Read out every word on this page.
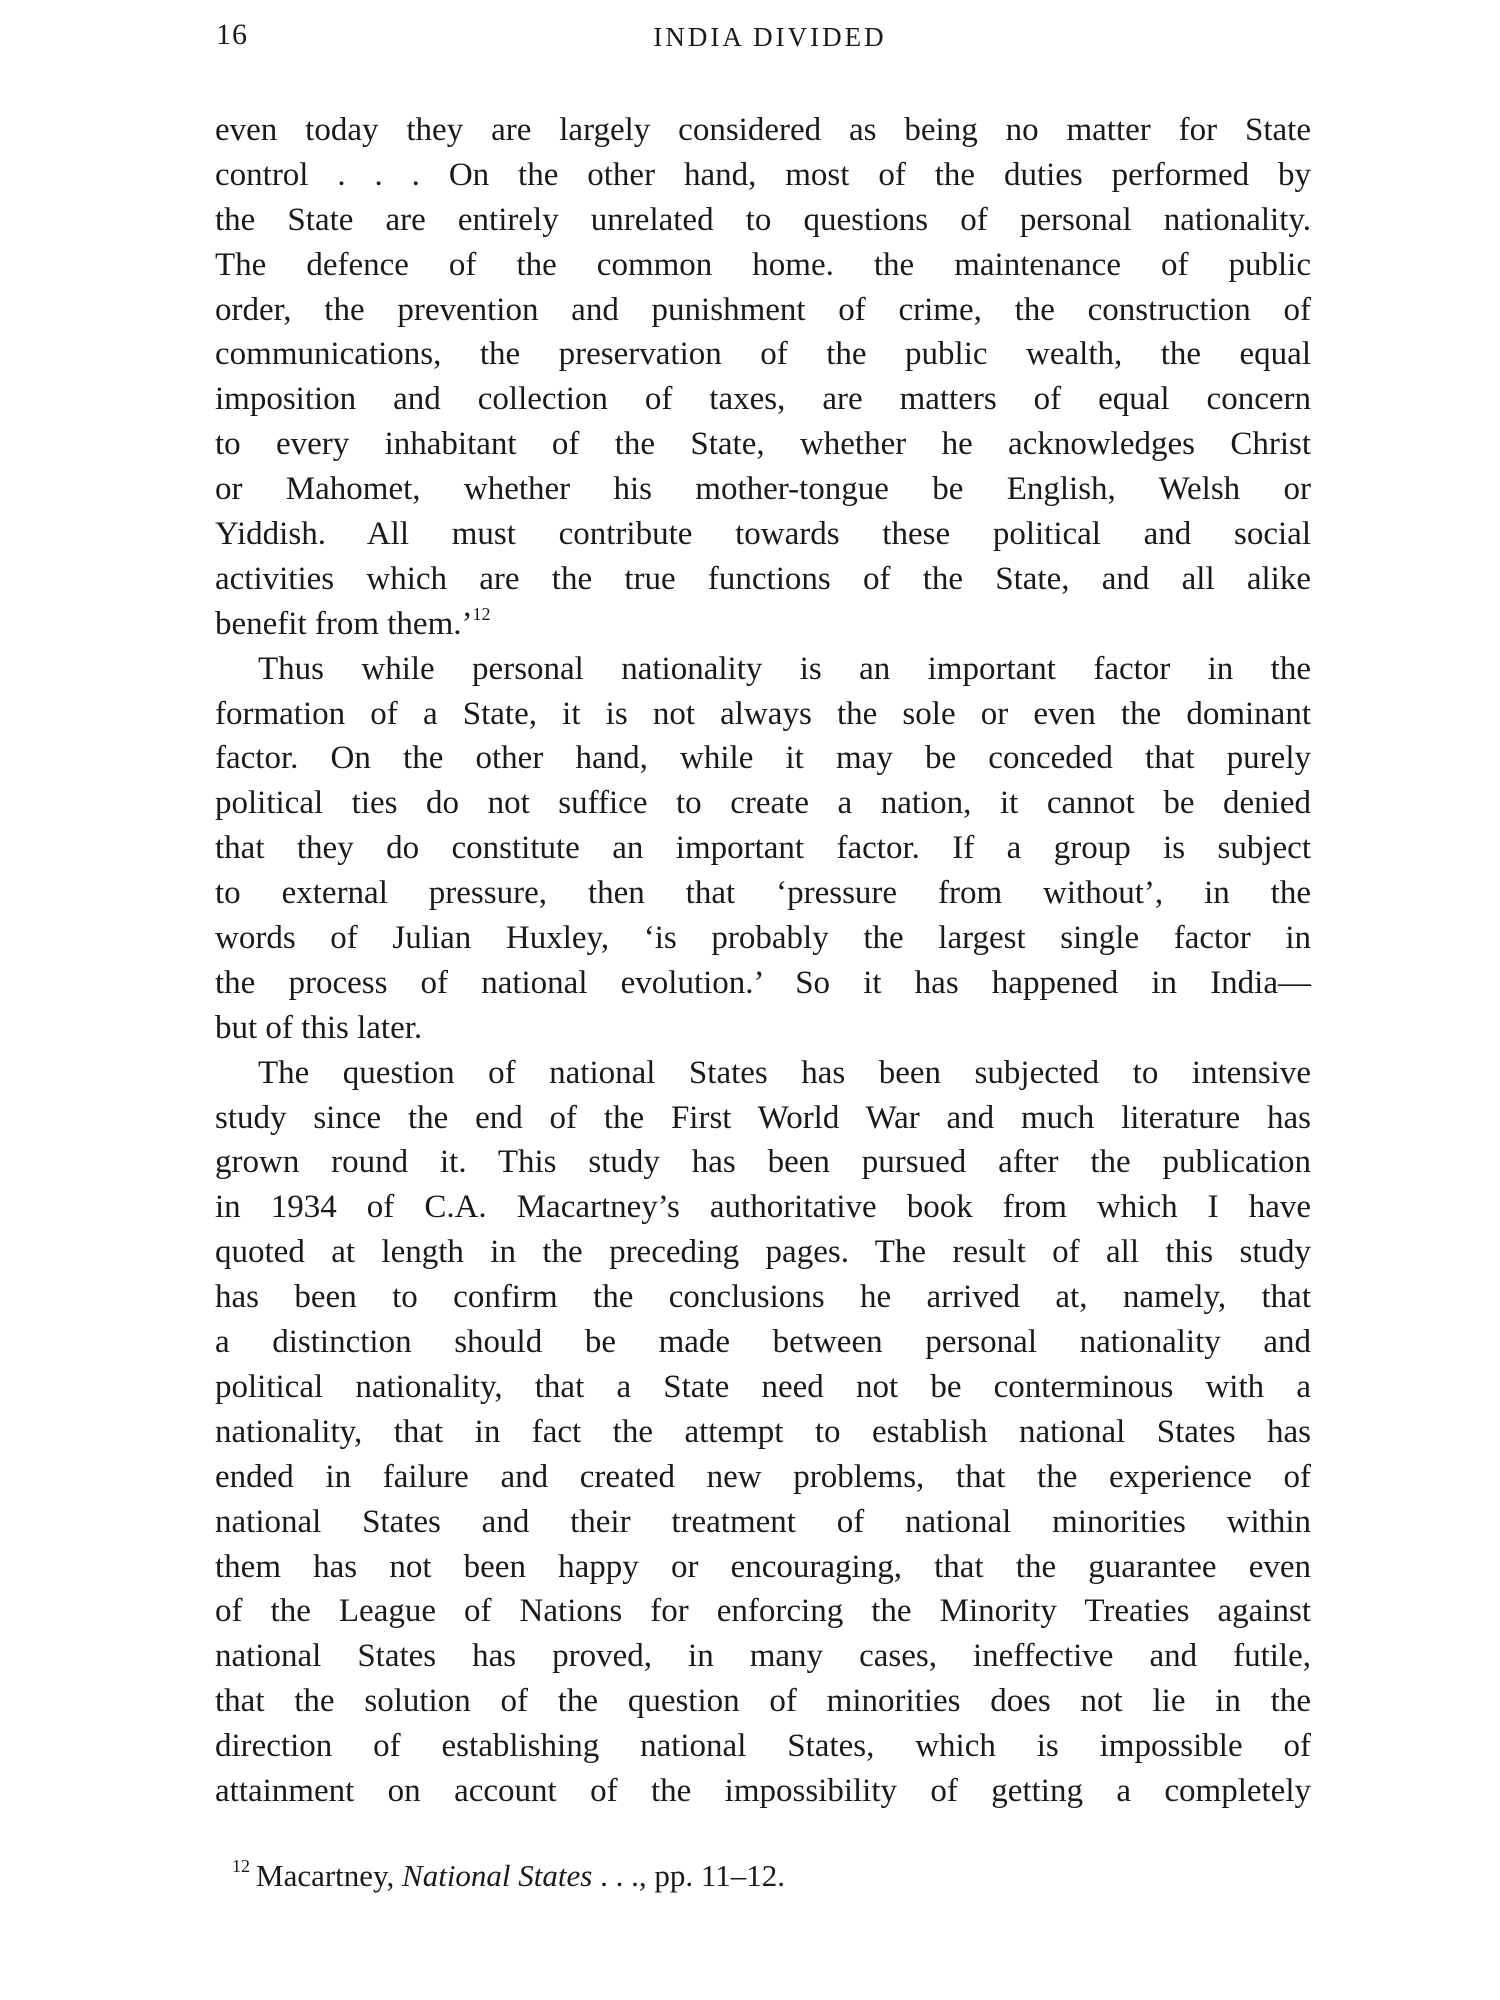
16	INDIA DIVIDED
even today they are largely considered as being no matter for State
control . . . On the other hand, most of the duties performed by
the State are entirely unrelated to questions of personal nationality.
The defence of the common home. the maintenance of public
order, the prevention and punishment of crime, the construction of
communications, the preservation of the public wealth, the equal
imposition and collection of taxes, are matters of equal concern
to every inhabitant of the State, whether he acknowledges Christ
or Mahomet, whether his mother-tongue be English, Welsh or
Yiddish. All must contribute towards these political and social
activities which are the true functions of the State, and all alike
benefit from them.’$^{12}$
Thus while personal nationality is an important factor in the
formation of a State, it is not always the sole or even the dominant
factor. On the other hand, while it may be conceded that purely
political ties do not suffice to create a nation, it cannot be denied
that they do constitute an important factor. If a group is subject
to external pressure, then that ‘pressure from without’, in the
words of Julian Huxley, ‘is probably the largest single factor in
the process of national evolution.’ So it has happened in India—
but of this later.
The question of national States has been subjected to intensive
study since the end of the First World War and much literature has
grown round it. This study has been pursued after the publication
in 1934 of C.A. Macartney’s authoritative book from which I have
quoted at length in the preceding pages. The result of all this study
has been to confirm the conclusions he arrived at, namely, that
a distinction should be made between personal nationality and
political nationality, that a State need not be conterminous with a
nationality, that in fact the attempt to establish national States has
ended in failure and created new problems, that the experience of
national States and their treatment of national minorities within
them has not been happy or encouraging, that the guarantee even
of the League of Nations for enforcing the Minority Treaties against
national States has proved, in many cases, ineffective and futile,
that the solution of the question of minorities does not lie in the
direction of establishing national States, which is impossible of
attainment on account of the impossibility of getting a completely
$^{12}$ Macartney, National States . . ., pp. 11–12.
